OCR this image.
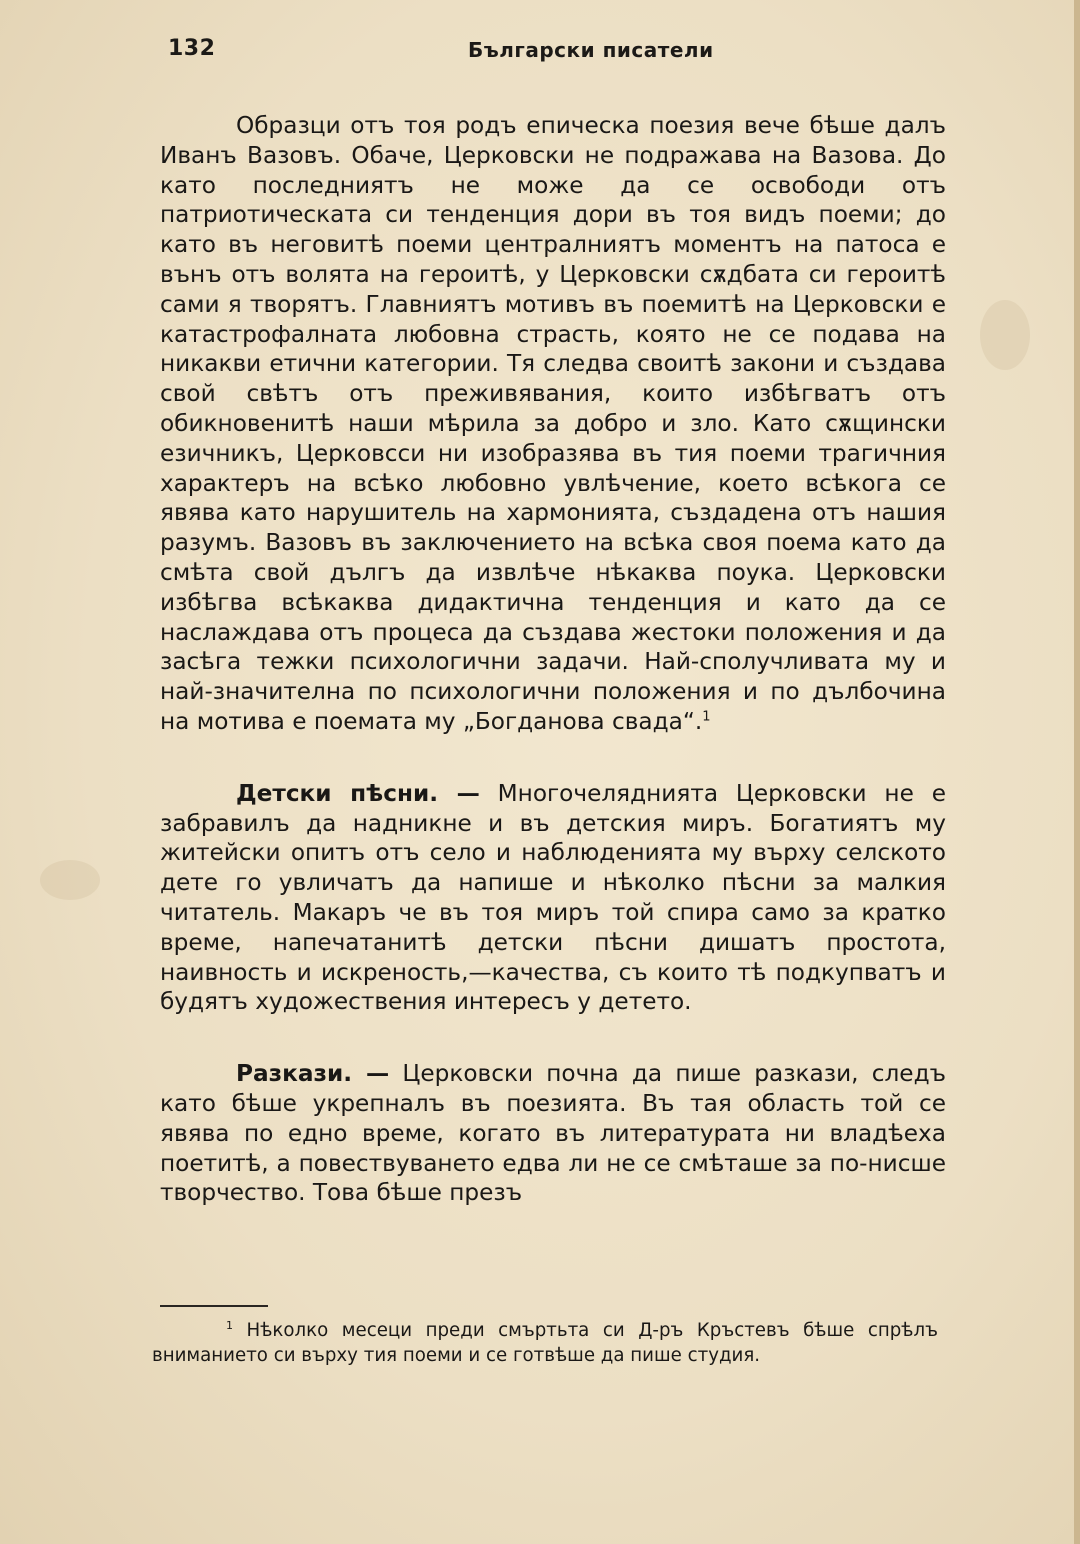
132	Български писатели

Образци отъ тоя родъ епическа поезия вече бѣше далъ Иванъ Вазовъ. Обаче, Церковски не подражава на Вазова. До като последниятъ не може да се освободи отъ патриотическата си тенденция дори въ тоя видъ поеми; до като въ неговитѣ поеми централниятъ моментъ на патоса е вънъ отъ волята на героитѣ, у Церковски сѫдбата си героитѣ сами я творятъ. Главниятъ мотивъ въ поемитѣ на Церковски е катастрофалната любовна страсть, която не се подава на никакви етични категории. Тя следва своитѣ закони и създава свой свѣтъ отъ преживявания, които избѣгватъ отъ обикновенитѣ наши мѣрила за добро и зло. Като сѫщински езичникъ, Церковсси ни изобразява въ тия поеми трагичния характеръ на всѣко любовно увлѣчение, което всѣкога се явява като нарушитель на хармонията, създадена отъ нашия разумъ. Вазовъ въ заключението на всѣка своя поема като да смѣта свой дългъ да извлѣче нѣкаква поука. Церковски избѣгва всѣкаква дидактична тенденция и като да се наслаждава отъ процеса да създава жестоки положения и да засѣга тежки психологични задачи. Най-сполучливата му и най-значителна по психологични положения и по дълбочина на мотива е поемата му „Богданова свада“.$^1$

Детски пѣсни. — Многочеляднията Церковски не е забравилъ да надникне и въ детския миръ. Богатиятъ му житейски опитъ отъ село и наблюденията му върху селското дете го увличатъ да напише и нѣколко пѣсни за малкия читатель. Макаръ че въ тоя миръ той спира само за кратко време, напечатанитѣ детски пѣсни дишатъ простота, наивность и искреность,—качества, съ които тѣ подкупватъ и будятъ художествения интересъ у детето.

Разкази. — Церковски почна да пише разкази, следъ като бѣше укрепналъ въ поезията. Въ тая область той се явява по едно време, когато въ литературата ни владѣеха поетитѣ, а повествуването едва ли не се смѣташе за по-нисше творчество. Това бѣше презъ

$^1$ Нѣколко месеци преди смъртьта си Д-ръ Кръстевъ бѣше спрѣлъ вниманието си върху тия поеми и се готвѣше да пише студия.
